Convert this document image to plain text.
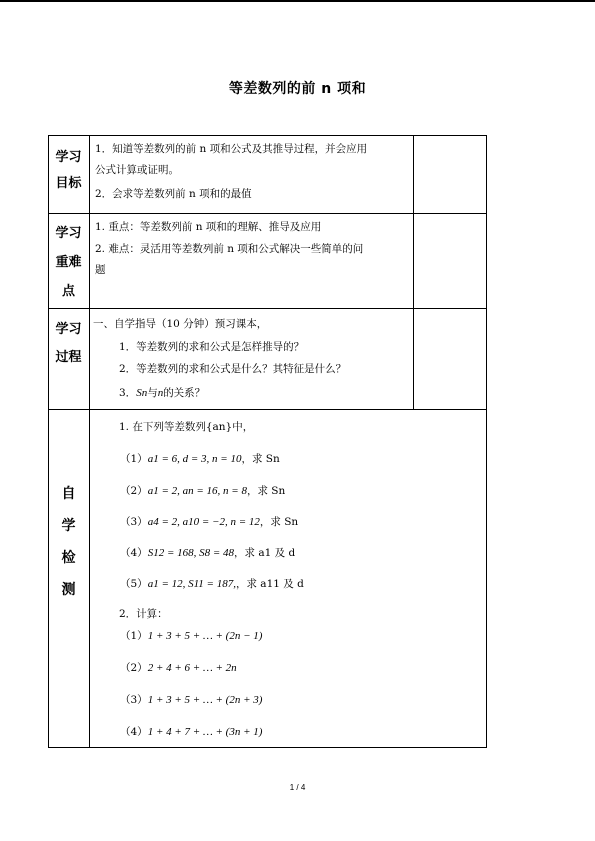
等差数列的前 n 项和
学习
目标
1．知道等差数列的前 n 项和公式及其推导过程，并会应用
公式计算或证明。
2．会求等差数列前 n 项和的最值
学习
重难
点
1. 重点：等差数列前 n 项和的理解、推导及应用
2. 难点：灵活用等差数列前 n 项和公式解决一些简单的问
题
学习
过程
一、自学指导（10 分钟）预习课本，
1．等差数列的求和公式是怎样推导的？
2．等差数列的求和公式是什么？其特征是什么？
3．Sn与n的关系？
自
学
检
测
1. 在下列等差数列{an}中，
（1）a1 = 6, d = 3, n = 10，求 Sn
（2）a1 = 2, an = 16, n = 8，求 Sn
（3）a4 = 2, a10 = −2, n = 12，求 Sn
（4）S12 = 168, S8 = 48，求 a1 及 d
（5）a1 = 12, S11 = 187,，求 a11 及 d
2．计算：
（1）1 + 3 + 5 + … + (2n − 1)
（2）2 + 4 + 6 + … + 2n
（3）1 + 3 + 5 + … + (2n + 3)
（4）1 + 4 + 7 + … + (3n + 1)
1 / 4
